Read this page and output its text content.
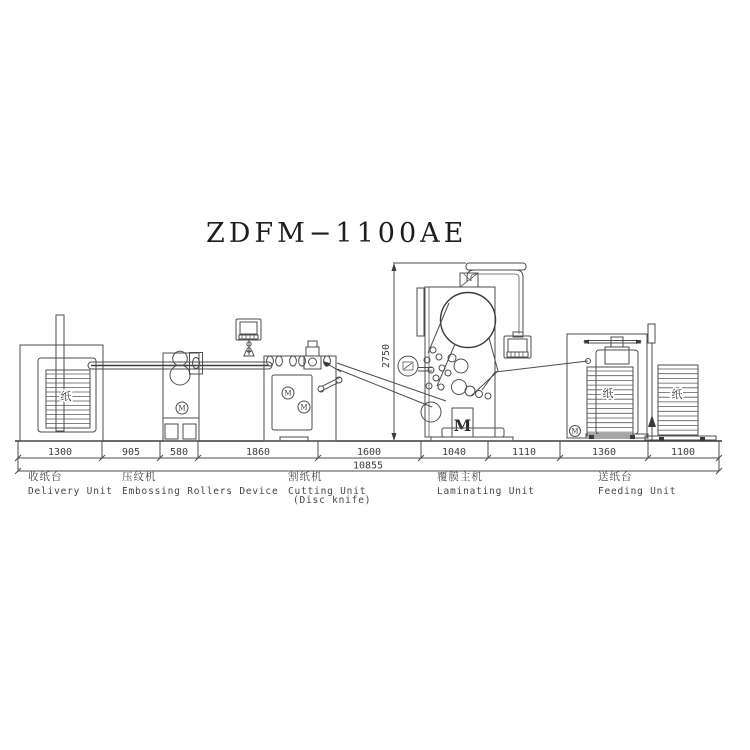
ZDFM−1100AE
纸
M
M
M
2750
M
纸
M
纸
1300	905	580	1860	1600	1040	1110	1360	1100
10855
收纸台
Delivery Unit
压纹机
Embossing Rollers Device
割纸机
Cutting Unit
(Disc knife)
覆膜主机
Laminating Unit
送纸台
Feeding Unit
